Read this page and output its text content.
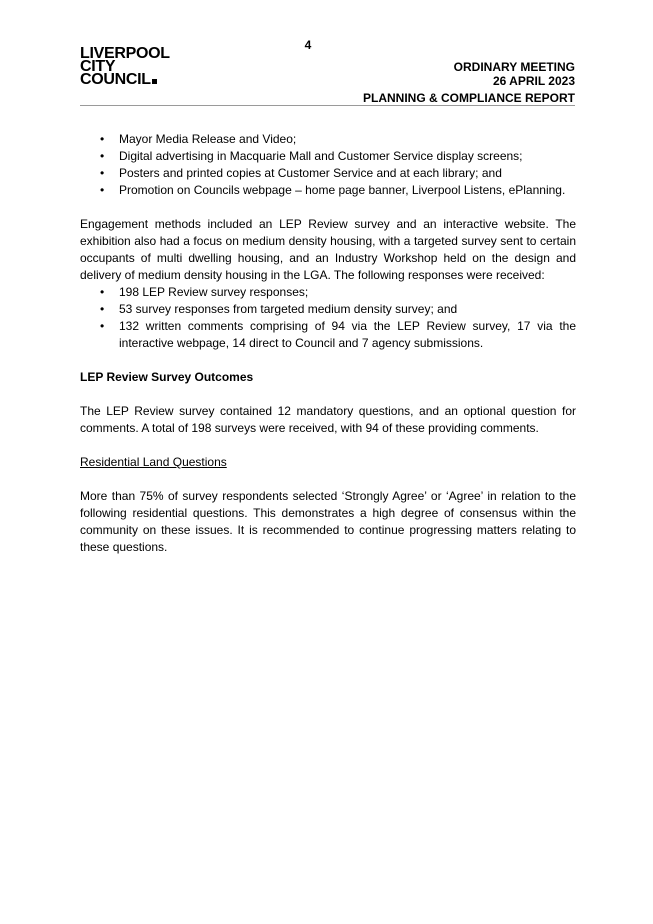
4
LIVERPOOL
CITY
COUNCIL
ORDINARY MEETING
26 APRIL 2023
PLANNING & COMPLIANCE REPORT
• Mayor Media Release and Video;
• Digital advertising in Macquarie Mall and Customer Service display screens;
• Posters and printed copies at Customer Service and at each library; and
• Promotion on Councils webpage – home page banner, Liverpool Listens, ePlanning.

Engagement methods included an LEP Review survey and an interactive website. The exhibition also had a focus on medium density housing, with a targeted survey sent to certain occupants of multi dwelling housing, and an Industry Workshop held on the design and delivery of medium density housing in the LGA. The following responses were received:

• 198 LEP Review survey responses;
• 53 survey responses from targeted medium density survey; and
• 132 written comments comprising of 94 via the LEP Review survey, 17 via the interactive webpage, 14 direct to Council and 7 agency submissions.

LEP Review Survey Outcomes

The LEP Review survey contained 12 mandatory questions, and an optional question for comments. A total of 198 surveys were received, with 94 of these providing comments.

Residential Land Questions

More than 75% of survey respondents selected ‘Strongly Agree’ or ‘Agree’ in relation to the following residential questions. This demonstrates a high degree of consensus within the community on these issues. It is recommended to continue progressing matters relating to these questions.
